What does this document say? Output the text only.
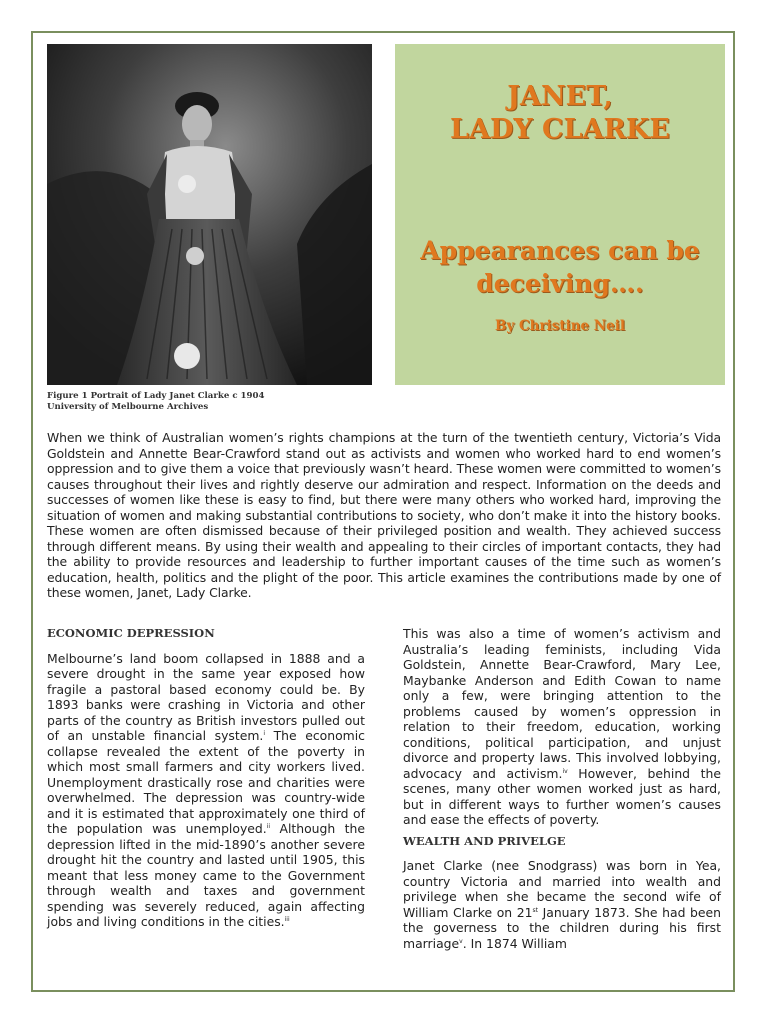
Figure 1 Portrait of Lady Janet Clarke c 1904
University of Melbourne Archives
JANET,
LADY CLARKE
Appearances can be
deceiving….
By Christine Neil

When we think of Australian women’s rights champions at the turn of the twentieth century, Victoria’s Vida Goldstein and Annette Bear-Crawford stand out as activists and women who worked hard to end women’s oppression and to give them a voice that previously wasn’t heard. These women were committed to women’s causes throughout their lives and rightly deserve our admiration and respect. Information on the deeds and successes of women like these is easy to find, but there were many others who worked hard, improving the situation of women and making substantial contributions to society, who don’t make it into the history books. These women are often dismissed because of their privileged position and wealth. They achieved success through different means. By using their wealth and appealing to their circles of important contacts, they had the ability to provide resources and leadership to further important causes of the time such as women’s education, health, politics and the plight of the poor. This article examines the contributions made by one of these women, Janet, Lady Clarke.

ECONOMIC DEPRESSION

Melbourne’s land boom collapsed in 1888 and a severe drought in the same year exposed how fragile a pastoral based economy could be. By 1893 banks were crashing in Victoria and other parts of the country as British investors pulled out of an unstable financial system.$^i$ The economic collapse revealed the extent of the poverty in which most small farmers and city workers lived. Unemployment drastically rose and charities were overwhelmed. The depression was country-wide and it is estimated that approximately one third of the population was unemployed.$^{ii}$ Although the depression lifted in the mid-1890’s another severe drought hit the country and lasted until 1905, this meant that less money came to the Government through wealth and taxes and government spending was severely reduced, again affecting jobs and living conditions in the cities.$^{iii}$

This was also a time of women’s activism and Australia’s leading feminists, including Vida Goldstein, Annette Bear-Crawford, Mary Lee, Maybanke Anderson and Edith Cowan to name only a few, were bringing attention to the problems caused by women’s oppression in relation to their freedom, education, working conditions, political participation, and unjust divorce and property laws. This involved lobbying, advocacy and activism.$^{iv}$ However, behind the scenes, many other women worked just as hard, but in different ways to further women’s causes and ease the effects of poverty.

WEALTH AND PRIVELGE

Janet Clarke (nee Snodgrass) was born in Yea, country Victoria and married into wealth and privilege when she became the second wife of William Clarke on 21st January 1873. She had been the governess to the children during his first marriage$^v$. In 1874 William
